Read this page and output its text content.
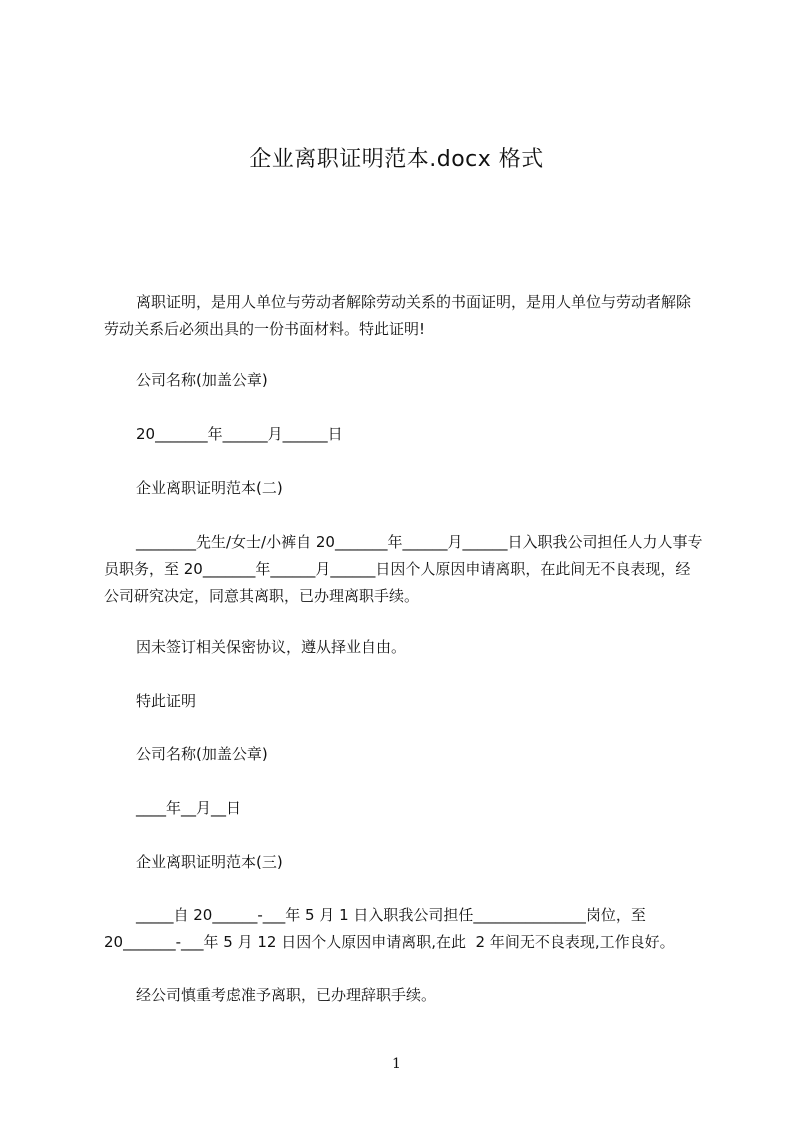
企业离职证明范本.docx 格式
离职证明，是用人单位与劳动者解除劳动关系的书面证明，是用人单位与劳动者解除劳动关系后必须出具的一份书面材料。特此证明!
公司名称(加盖公章)
20_______年______月______日
企业离职证明范本(二)
________先生/女士/小裤自 20_______年______月______日入职我公司担任人力人事专员职务，至 20_______年______月______日因个人原因申请离职，在此间无不良表现，经公司研究决定，同意其离职，已办理离职手续。
因未签订相关保密协议，遵从择业自由。
特此证明
公司名称(加盖公章)
____年__月__日
企业离职证明范本(三)
_____自 20______-___年 5 月 1 日入职我公司担任_______________岗位，至 20_______-___年 5 月 12 日因个人原因申请离职,在此  2 年间无不良表现,工作良好。
经公司慎重考虑准予离职，已办理辞职手续。
1
